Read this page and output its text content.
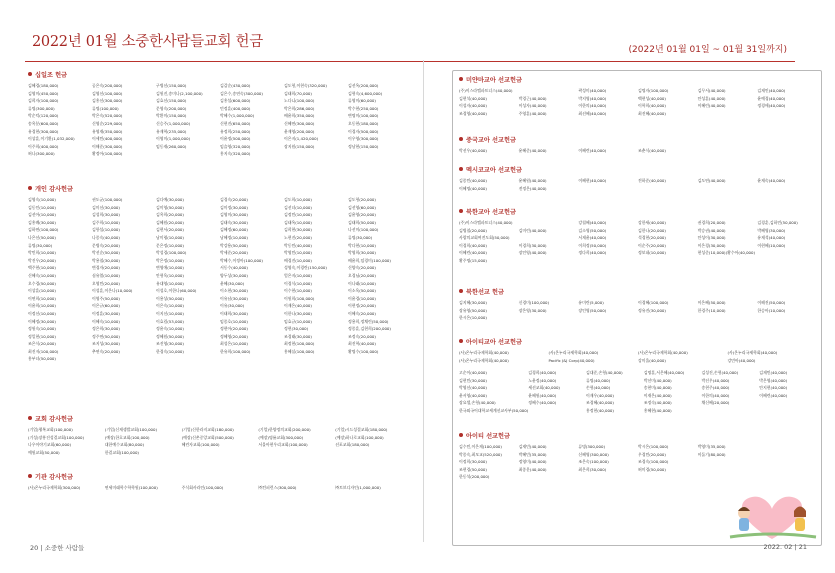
2022년 01월 소중한사람들교회 헌금	(2022년 01월 01일 ~ 01월 31일까지)
십일조 헌금
김혜경(180,000)	공은숙(200,000)	구병선(150,000)	김갑순(430,000)	김도형,이현숙(320,000)	김선옥(200,000)
김영미(450,000)	김영선(100,000)	김원진,송미나(2,100,000)	김은수,송연숙(300,000)	김태희(70,000)	김형숙(4,600,000)
김희자(100,000)	김홍선(300,000)	김효선(150,000)	김홍섭(600,000)	노다니(100,000)	류영미(60,000)
류명(300,000)	류명(100,000)	문영숙(200,000)	민정훈(400,000)	박은희(286,000)	박수현(250,000)
박순덕(120,000)	박은숙(520,000)	박환미(150,000)	박혜수(1,000,000)	배윤희(350,000)	변명미(100,000)
송옥분(600,000)	신영순(229,000)	신승주(1,000,000)	신현진(650,000)	신혜연(300,000)	오동현(180,000)
유경현(300,000)	유영재(350,000)	유재혁(235,000)	유정희(250,000)	윤재영(200,000)	이경자(500,000)
이상훈,이기환(1,032,000)	이세민(400,000)	이영미(1,000,000)	이윤정(500,000)	이은지(1,420,000)	이우영(300,000)
이주희(400,000)	이해준(300,000)	임동재(260,000)	임슬영(320,000)	장지원(150,000)	정남현(150,000)
허나(300,000)	황정아(100,000)	홍지숙(320,000)
개인 감사헌금
김영숙(10,000)	권도균(100,000)	김다예(30,000)	김경숙(20,000)	김도희(10,000)	김도형(20,000)
김동인(10,000)	김미선(30,000)	김미영(50,000)	김미정(30,000)	김선녀(10,000)	김선영(60,000)
김선아(10,000)	김성희(30,000)	김옥희(20,000)	김영미(30,000)	김정민(10,000)	김윤영(20,000)
김홍례(30,000)	김주희(10,000)	김혜원(20,000)	김태숙(30,000)	김태옥(10,000)	김태희(50,000)
김하연(100,000)	김항섭(10,000)	김현서(20,000)	김혜정(60,000)	김희현(30,000)	나선미(100,000)
나은선(50,000)	나종숙(40,000)	남미령(10,000)	남혜정(10,000)	노현진(20,000)	류명(30,000)
류명(30,000)	문병숙(20,000)	문은정(10,000)	박강용(50,000)	박동민(40,000)	박다현(10,000)
박민희(10,000)	박선순(50,000)	박성경(100,000)	박세준(20,000)	박영민(10,000)	박영희(30,000)
박진우(20,000)	박용철(30,000)	박은정(10,000)	박혜수,이정아(100,000)	배경진(10,000)	배윤희,임경미(100,000)
백주현(10,000)	변경자(20,000)	변영애(10,000)	서동수(40,000)	성영숙,이경란(150,000)	신양숙(20,000)
신혜숙(10,000)	심유열(10,000)	안형욱(10,000)	양두상(30,000)	엄은지(10,000)	오경님(20,000)
오수경(50,000)	오영민(20,000)	유대영(10,000)	윤혜(30,000)	이경식(10,000)	이나래(10,000)
이상훈(10,000)	이성훈,이은나(10,000)	이성호,이한나(60,000)	이소현(30,000)	이수현(10,000)	이소욱(50,000)
이연희(10,000)	이영주(50,000)	이용상(50,000)	이유남(30,000)	이원희(100,000)	이윤경(10,000)
이윤희(10,000)	이은규(60,000)	이은숙(10,000)	이유(30,000)	이재은(40,000)	이현정(20,000)
이정선(10,000)	이정훈(30,000)	이지선(10,000)	이태희(30,000)	이한나(30,000)	이혜숙(20,000)
이혜정(30,000)	이혜숙(10,000)	이효림(53,000)	임종호(10,000)	임효규(10,000)	정용희,정채린(50,000)
정원숙(10,000)	정은희(30,000)	정윤숙(10,000)	정현아(20,000)	정현(30,000)	정종훈,김현희(200,000)
정일현(10,000)	정주연(50,000)	정혜원(50,000)	정혜영(20,000)	조경태(30,000)	조정숙(20,000)
조은식(20,000)	조지성(30,000)	조진영(30,000)	최성은(10,000)	최정현(100,000)	최진혁(40,000)
최진저(100,000)	추연숙(20,000)	한경숙(10,000)	한유희(100,000)	홍혜실(100,000)	황명수(100,000)
홍부녀(50,000)
교회 감사헌금
(기업)행복교회(100,000)	(기업)신재생발교회(100,000)	(기업)신한라지교회(180,000)	(기업)한양정의교회(200,000)	(기업)시드성결교회(180,000)
(기성)장흥진성결교회(100,000)	(예장)한호교회(100,000)	(예장)신촌중앙교회(500,000)	(예장)명륜교회(300,000)	(예장)하나로교회(100,000)
나우이야기교회(60,000)	대한예수교회(80,000)	혜린자교회(100,000)	서울아현우리교회(100,000)	선포교회(180,000)
예원교회(50,000)	한결교회(100,000)
기관 감사헌금
(사)온누리국제학회(300,000)	연세미래학수학학원(100,000)	주식회사라인(100,000)	㈜컨퍼런스(300,000)	㈜토브디자인(1,000,000)
미얀마교아 선교헌금
(주)이스라엘파트너스(40,000)	곽성미(40,000)	김명자(100,000)	김무서(40,000)	김재인(40,000)
김현석(40,000)	박경근(40,000)	박지영(40,000)	백현성(40,000)	안성훈(40,000)	윤예경(40,000)
이성자(40,000)	이성자(40,000)	이한의(40,000)	이학희(40,000)	이혜린(40,000)	정경애(40,000)
조경영(40,000)	주영훈(40,000)	최선혜(40,000)	최진혜(40,000)
중국교아 선교헌금
박선우(40,000)	윤혜준(40,000)	이혜련(40,000)	조춘식(40,000)
멕시코교아 선교헌금
김종민(40,000)	윤혜원(40,000)	이혜현(40,000)	전하준(40,000)	김도연(40,000)	윤재숙(40,000)
이혜명(40,000)	전정은(40,000)
북한교아 선교헌금
(주)이스라엘파트너스(40,000)	강철혜(40,000)	강한새(40,000)	권경희(20,000)	김경훈,김하민(50,000)
김병철(20,000)	김미린(40,000)	김소영(50,000)	김한나(20,000)	박승권(40,000)	박혜영(30,000)
사랑의교회여전도회(50,000)	서재윤(40,000)	석경현(20,000)	안성이(30,000)	유재석(40,000)
이경희(40,000)	이경희(30,000)	이희정(50,000)	이순주(20,000)	이은경(30,000)	이현혜(10,000)
이혜련(40,000)	장인영(40,000)	정다희(40,000)	정보네(10,000)	현성준(10,000)(황수아(40,000)
황주명(15,000)
북한선교 헌금
김지혜(30,000)	신경미(100,000)	유미란(5,000)	이경혜(100,000)	이은혜(50,000)	이해진(50,000)
장유영(50,000)	장은영(30,000)	장인영(50,000)	정유진(30,000)	한경주(10,000)	한승아(10,000)
한시은(10,000)
아이티교아 선교헌금
(사)온누리국제학회(40,000)	(사)온누리국제학회(40,000)	(사)온누리국제학회(40,000)	(사)온누리국제학회(40,000)
(사)온누리국제학회(40,000)	Pacific J&J Corp(40,000)	강미울(40,000)	강민아(40,000)
고순이(40,000)	김경희(40,000)	김대준,손형(40,000)	김명훈,서은혜(40,000)	김성진,손형(40,000)	김재민(40,000)
김현민(30,000)	노윤정(40,000)	류명(40,000)	박선미(40,000)	박선우(40,000)	박은영(40,000)
박영선(40,000)	세선교회(40,000)	손형(40,000)	송현미(40,000)	송현주(40,000)	안지현(40,000)
윤서영(40,000)	윤혜원(40,000)	이재우(40,000)	이재은(40,000)	이한의(40,000)	이혜련(40,000)
장요셉,손형(40,000)	정혜수(40,000)	조경혜(40,000)	조정숙(40,000)	채신혜(20,000)
한국외국어대학교세계선교사부(50,000)	홍정현(40,000)	홍혜현(40,000)
아이티 선교헌금
김수민,이은재(100,000)	김재민(40,000)	류명(300,000)	박시은(100,000)	박영미(35,000)
박종숙,최모교(520,000)	박혜민(35,000)	신혜영(300,000)	우경민(20,000)	이돌기(80,000)
이정희(30,000)	정영미(40,000)	조은숙(100,000)	조경숙(100,000)
조현경(50,000)	최종운(40,000)	최은희(30,000)	허미경(50,000)
한동석(200,000)
20 | 소중한 사람들	2022. 02 | 21
